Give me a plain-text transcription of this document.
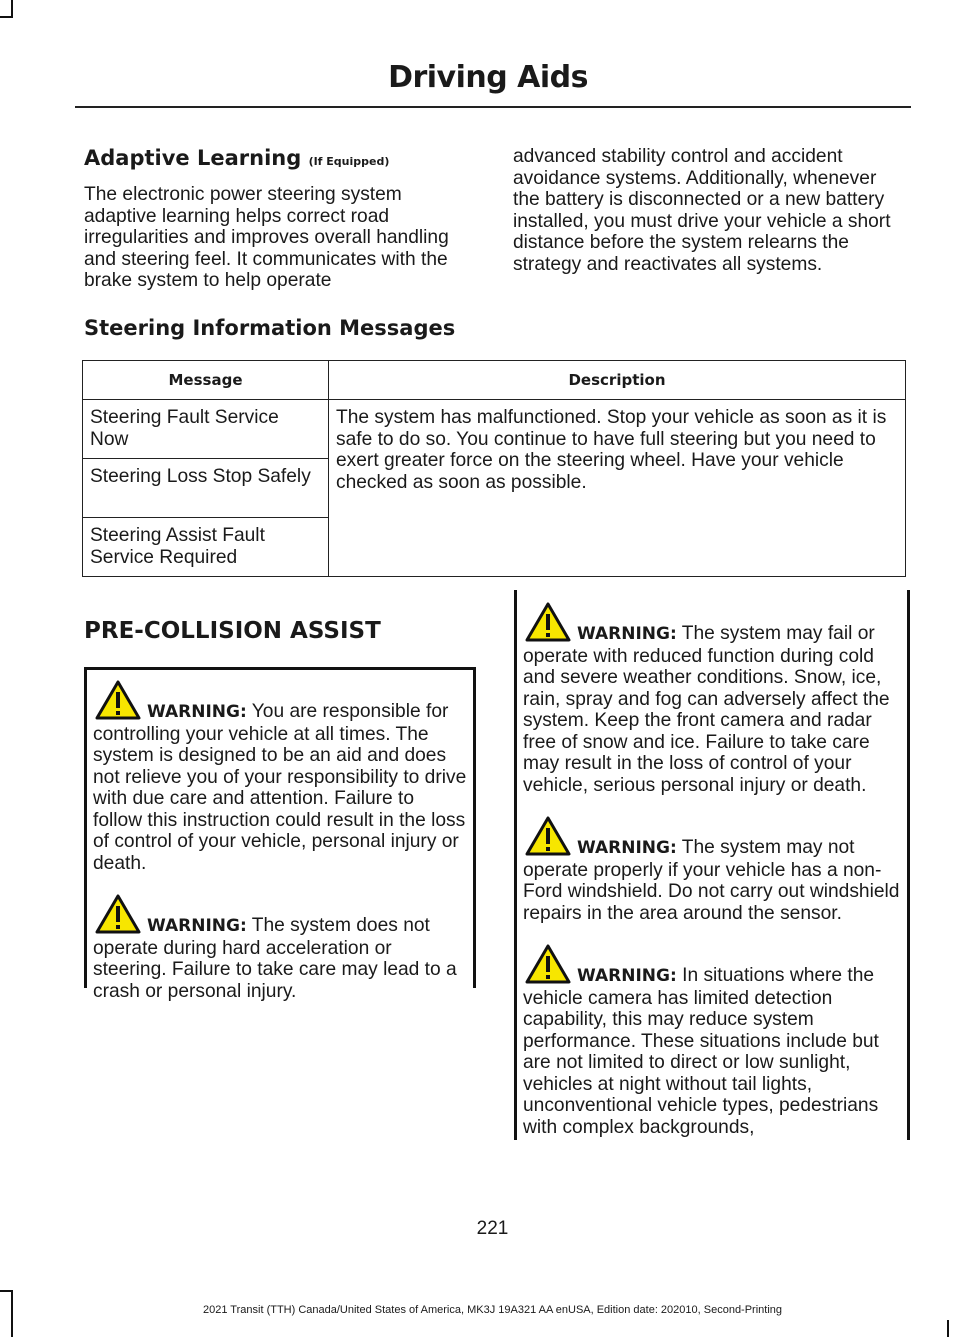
Driving Aids
Adaptive Learning (If Equipped)

The electronic power steering system adaptive learning helps correct road irregularities and improves overall handling and steering feel. It communicates with the brake system to help operate

advanced stability control and accident avoidance systems. Additionally, whenever the battery is disconnected or a new battery installed, you must drive your vehicle a short distance before the system relearns the strategy and reactivates all systems.

Steering Information Messages
Message	Description
Steering Fault Service Now	The system has malfunctioned. Stop your vehicle as soon as it is safe to do so. You continue to have full steering but you need to exert greater force on the steering wheel. Have your vehicle checked as soon as possible.
Steering Loss Stop Safely	
Steering Assist Fault Service Required	
PRE-COLLISION ASSIST

WARNING: You are responsible for controlling your vehicle at all times. The system is designed to be an aid and does not relieve you of your responsibility to drive with due care and attention. Failure to follow this instruction could result in the loss of control of your vehicle, personal injury or death.

WARNING: The system does not operate during hard acceleration or steering. Failure to take care may lead to a crash or personal injury.

WARNING: The system may fail or operate with reduced function during cold and severe weather conditions. Snow, ice, rain, spray and fog can adversely affect the system. Keep the front camera and radar free of snow and ice. Failure to take care may result in the loss of control of your vehicle, serious personal injury or death.

WARNING: The system may not operate properly if your vehicle has a non-Ford windshield. Do not carry out windshield repairs in the area around the sensor.

WARNING: In situations where the vehicle camera has limited detection capability, this may reduce system performance. These situations include but are not limited to direct or low sunlight, vehicles at night without tail lights, unconventional vehicle types, pedestrians with complex backgrounds,

221
2021 Transit (TTH) Canada/United States of America, MK3J 19A321 AA enUSA, Edition date: 202010, Second-Printing
